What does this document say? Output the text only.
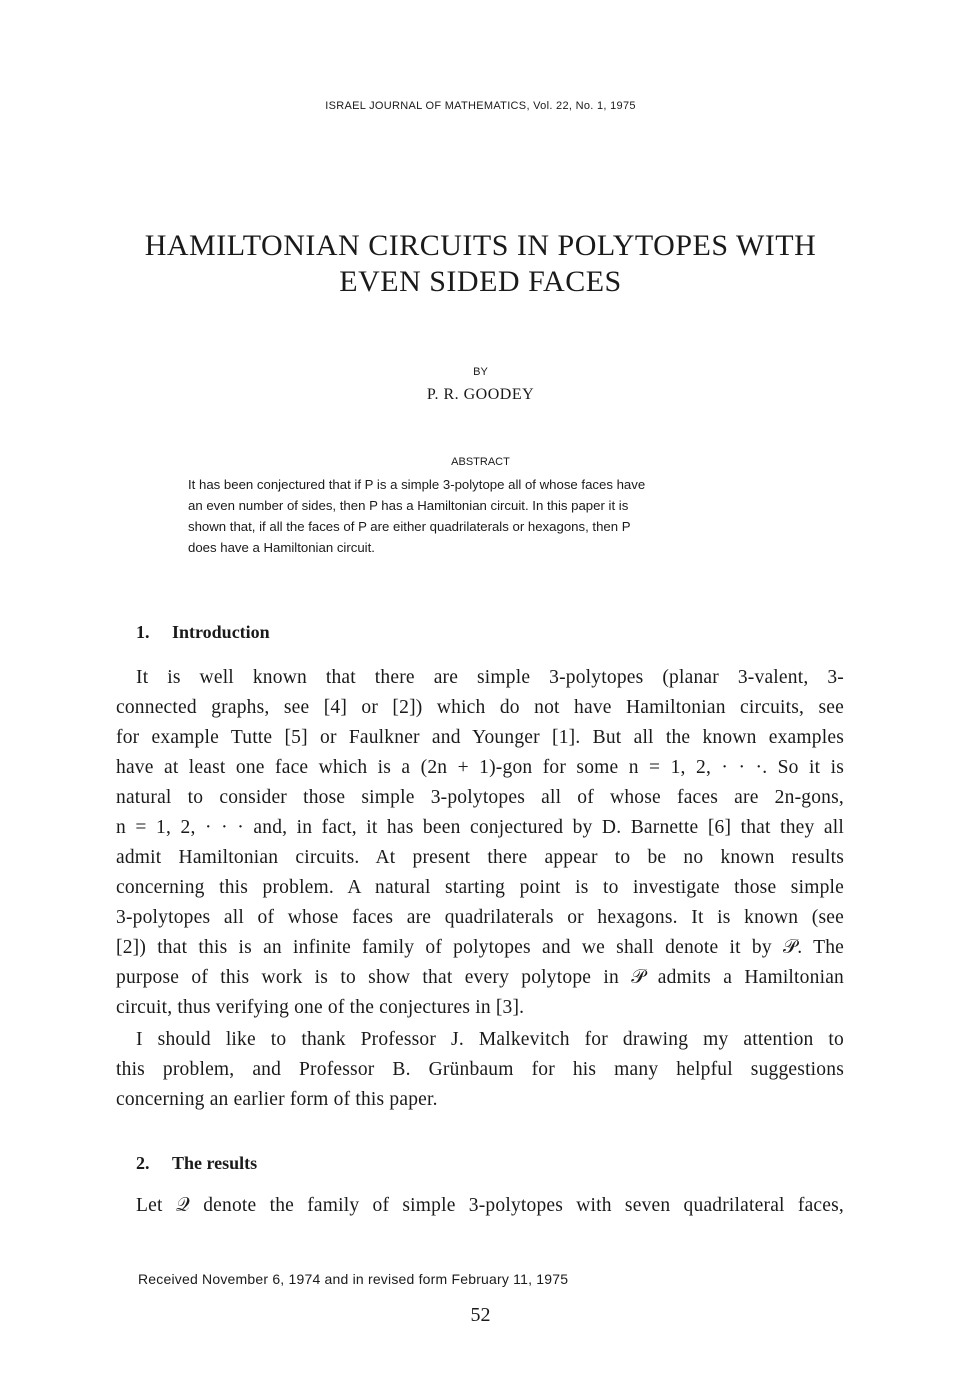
ISRAEL JOURNAL OF MATHEMATICS, Vol. 22, No. 1, 1975
HAMILTONIAN CIRCUITS IN POLYTOPES WITH
EVEN SIDED FACES
BY
P. R. GOODEY
ABSTRACT
It has been conjectured that if P is a simple 3-polytope all of whose faces have
an even number of sides, then P has a Hamiltonian circuit. In this paper it is
shown that, if all the faces of P are either quadrilaterals or hexagons, then P
does have a Hamiltonian circuit.
1. Introduction
It is well known that there are simple 3-polytopes (planar 3-valent, 3-
connected graphs, see [4] or [2]) which do not have Hamiltonian circuits, see
for example Tutte [5] or Faulkner and Younger [1]. But all the known examples
have at least one face which is a (2n + 1)-gon for some n = 1, 2, · · ·. So it is
natural to consider those simple 3-polytopes all of whose faces are 2n-gons,
n = 1, 2, · · · and, in fact, it has been conjectured by D. Barnette [6] that they all
admit Hamiltonian circuits. At present there appear to be no known results
concerning this problem. A natural starting point is to investigate those simple
3-polytopes all of whose faces are quadrilaterals or hexagons. It is known (see
[2]) that this is an infinite family of polytopes and we shall denote it by 𝒫. The
purpose of this work is to show that every polytope in 𝒫 admits a Hamiltonian
circuit, thus verifying one of the conjectures in [3].
I should like to thank Professor J. Malkevitch for drawing my attention to
this problem, and Professor B. Grünbaum for his many helpful suggestions
concerning an earlier form of this paper.
2. The results
Let 𝒬 denote the family of simple 3-polytopes with seven quadrilateral faces,
Received November 6, 1974 and in revised form February 11, 1975
52
